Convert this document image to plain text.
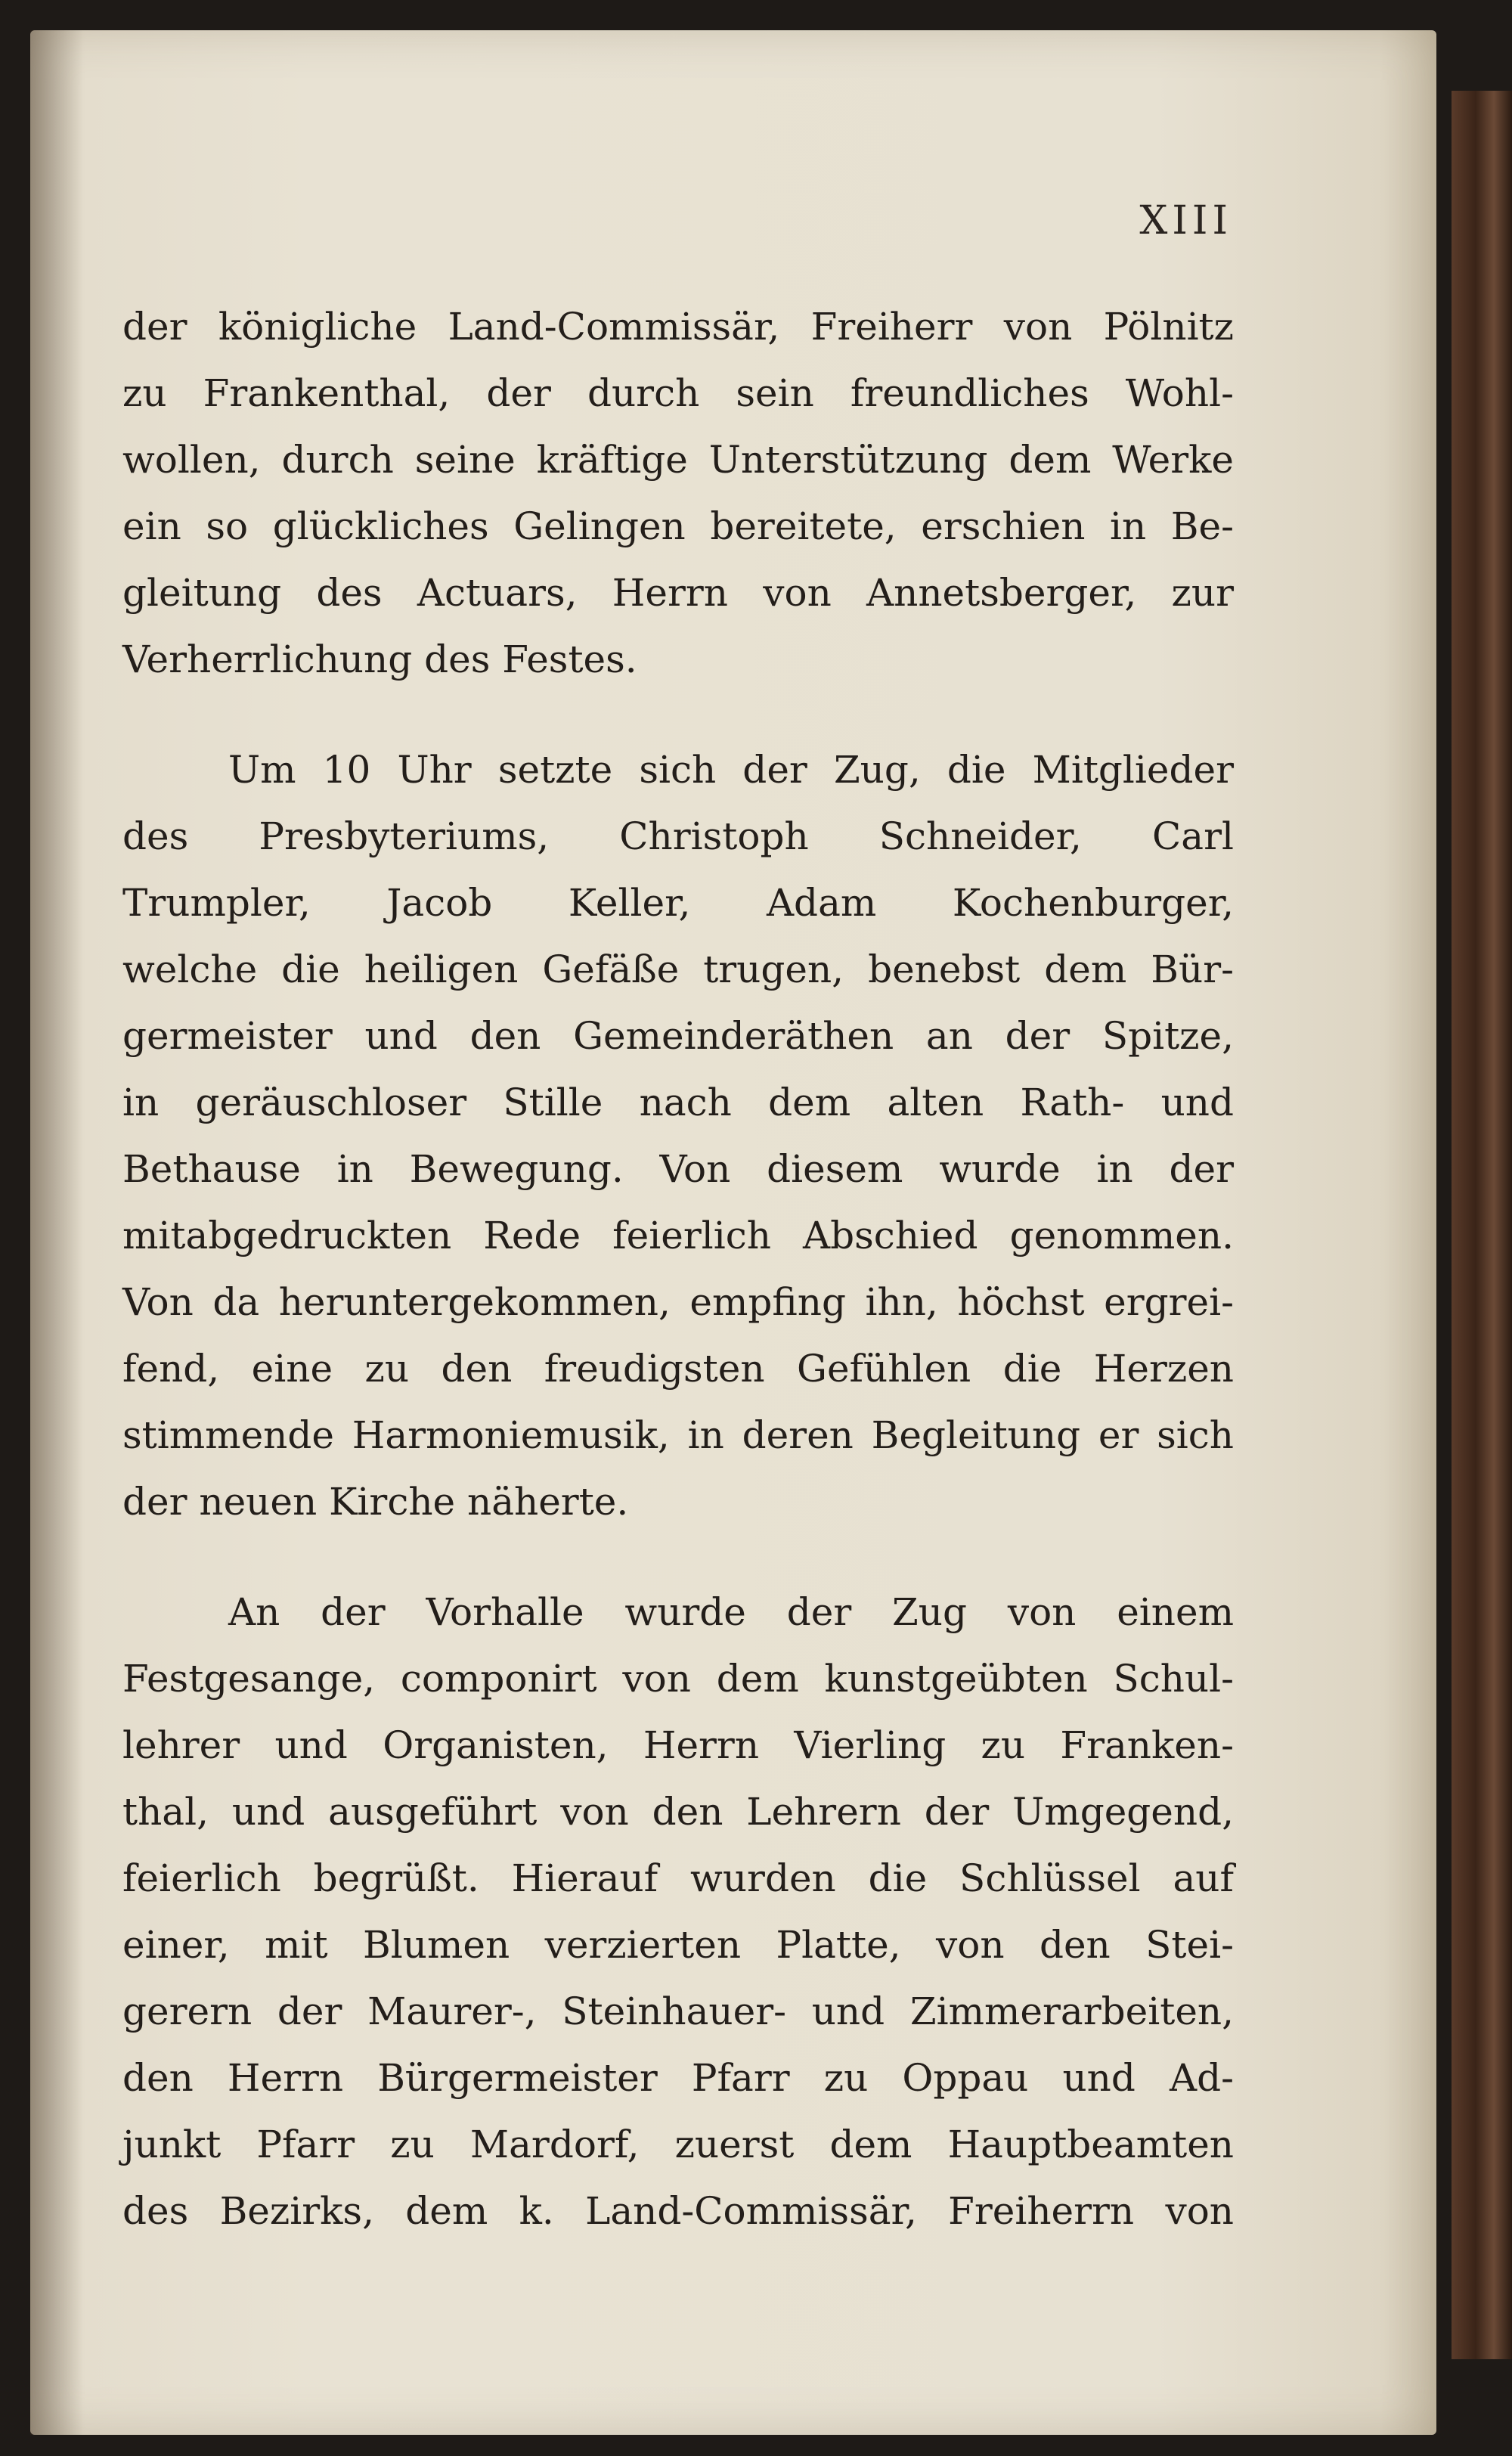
XIII
der königliche Land-Commissär, Freiherr von Pölnitz
zu Frankenthal, der durch sein freundliches Wohl-
wollen, durch seine kräftige Unterstützung dem Werke
ein so glückliches Gelingen bereitete, erschien in Be-
gleitung des Actuars, Herrn von Annetsberger, zur
Verherrlichung des Festes.
Um 10 Uhr setzte sich der Zug, die Mitglieder
des Presbyteriums, Christoph Schneider, Carl
Trumpler, Jacob Keller, Adam Kochenburger,
welche die heiligen Gefäße trugen, benebst dem Bür-
germeister und den Gemeinderäthen an der Spitze,
in geräuschloser Stille nach dem alten Rath- und
Bethause in Bewegung. Von diesem wurde in der
mitabgedruckten Rede feierlich Abschied genommen.
Von da heruntergekommen, empfing ihn, höchst ergrei-
fend, eine zu den freudigsten Gefühlen die Herzen
stimmende Harmoniemusik, in deren Begleitung er sich
der neuen Kirche näherte.
An der Vorhalle wurde der Zug von einem
Festgesange, componirt von dem kunstgeübten Schul-
lehrer und Organisten, Herrn Vierling zu Franken-
thal, und ausgeführt von den Lehrern der Umgegend,
feierlich begrüßt. Hierauf wurden die Schlüssel auf
einer, mit Blumen verzierten Platte, von den Stei-
gerern der Maurer-, Steinhauer- und Zimmerarbeiten,
den Herrn Bürgermeister Pfarr zu Oppau und Ad-
junkt Pfarr zu Mardorf, zuerst dem Hauptbeamten
des Bezirks, dem k. Land-Commissär, Freiherrn von
